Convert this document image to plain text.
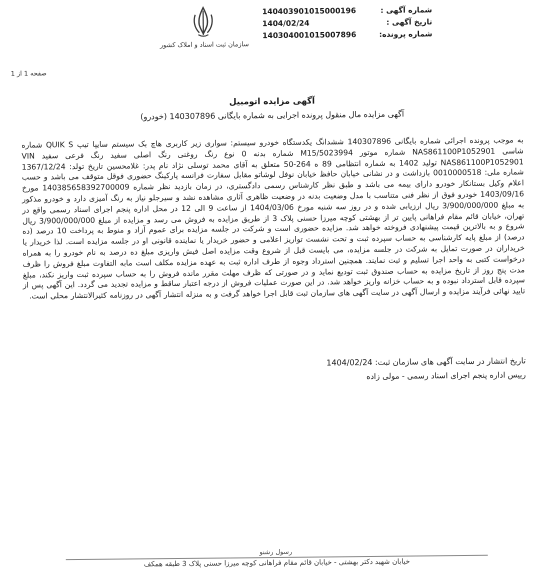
شماره آگهی :
140403901015000196
تاریخ آگهی :
1404/02/24
شماره پرونده:
140304001015007896
سازمان ثبت اسناد و املاک کشور
صفحه 1 از 1
آگهی مزایده اتومبیل
آگهی مزایده مال منقول پرونده اجرایی به شماره بایگانی 140307896 (خودرو)
به موجب پرونده اجرائی شماره بایگانی 140307896 ششدانگ یکدستگاه خودرو سیستم: سواری زیر کاربری هاچ بک سیستم سایپا تیپ QUIK S شماره شاسی NAS861100P1052901 شماره موتور M15/5023994 شماره بدنه 0 نوع رنگ روغنی رنگ اصلی سفید رنگ فرعی سفید VIN NAS861100P1052901 تولید 1402 به شماره انتظامی 89 ه 264-50 متعلق به آقای محمد توسلی نژاد نام پدر: غلامحسین تاریخ تولد: 1367/12/24 شماره ملی: 0010000518 بازداشت و در نشانی خیابان حافظ خیابان نوفل لوشاتو مقابل سفارت فرانسه پارکینگ حضوری فوقل متوقف می باشد و حسب اعلام وکیل بستانکار خودرو دارای بیمه می باشد و طبق نظر کارشناس رسمی دادگستری، در زمان بازدید نظر شماره 140385658392700009 مورخ 1403/09/16 خودرو فوق از نظر فنی متناسب با مدل وضعیت بدنه در وضعیت ظاهری آثاری مشاهده نشد و سیرجلو نیاز به رنگ آمیزی دارد و خودرو مذکور به مبلغ 3/900/000/000 ریال ارزیابی شده و در روز سه شنبه مورخ 1404/03/06 از ساعت 9 الی 12 در محل اداره پنجم اجرای اسناد رسمی واقع در تهران، خیابان قائم مقام فراهانی پایین تر از بهشتی کوچه میرزا حسنی پلاک 3 از طریق مزایده به فروش می رسد و مزایده از مبلغ 3/900/000/000 ریال شروع و به بالاترین قیمت پیشنهادی فروخته خواهد شد. مزایده حضوری است و شرکت در جلسه مزایده برای عموم آزاد و منوط به پرداخت 10 درصد (ده درصد) از مبلغ پایه کارشناسی به حساب سپرده ثبت و تحت نشست تواریز اعلامی و حضور خریدار یا نماینده قانونی او در جلسه مزایده است. لذا خریدار یا خریداران در صورت تمایل به شرکت در جلسه مزایده، می بایست قبل از شروع وقت مزایده اصل فیش واریزی مبلغ ده درصد به نام خودرو را به همراه درخواست کتبی به واحد اجرا تسلیم و ثبت نمایند. همچنین استرداد وجوه از طرف اداره ثبت به عهده مزایده مکلف است مابه التفاوت مبلغ فروش را ظرف مدت پنج روز از تاریخ مزایده به حساب صندوق ثبت تودیع نماید و در صورتی که ظرف مهلت مقرر مانده فروش را به حساب سپرده ثبت واریز نکند، مبلغ سپرده قابل استرداد نبوده و به حساب خزانه واریز خواهد شد. در این صورت عملیات فروش از درجه اعتبار ساقط و مزایده تجدید می گردد. این آگهی پس از تایید نهائی فرآیند مزایده و ارسال آگهی در سایت آگهی های سازمان ثبت قابل اجرا خواهد گرفت و به منزله انتشار آگهی در روزنامه کثیرالانتشار محلی است.
تاریخ انتشار در سایت آگهی های سازمان ثبت: 1404/02/24
رییس اداره پنجم اجرای اسناد رسمی - مولی زاده
رسول رشنو
خیابان شهید دکتر بهشتی - خیابان قائم مقام فراهانی کوچه میرزا حسنی پلاک 3 طبقه همکف
